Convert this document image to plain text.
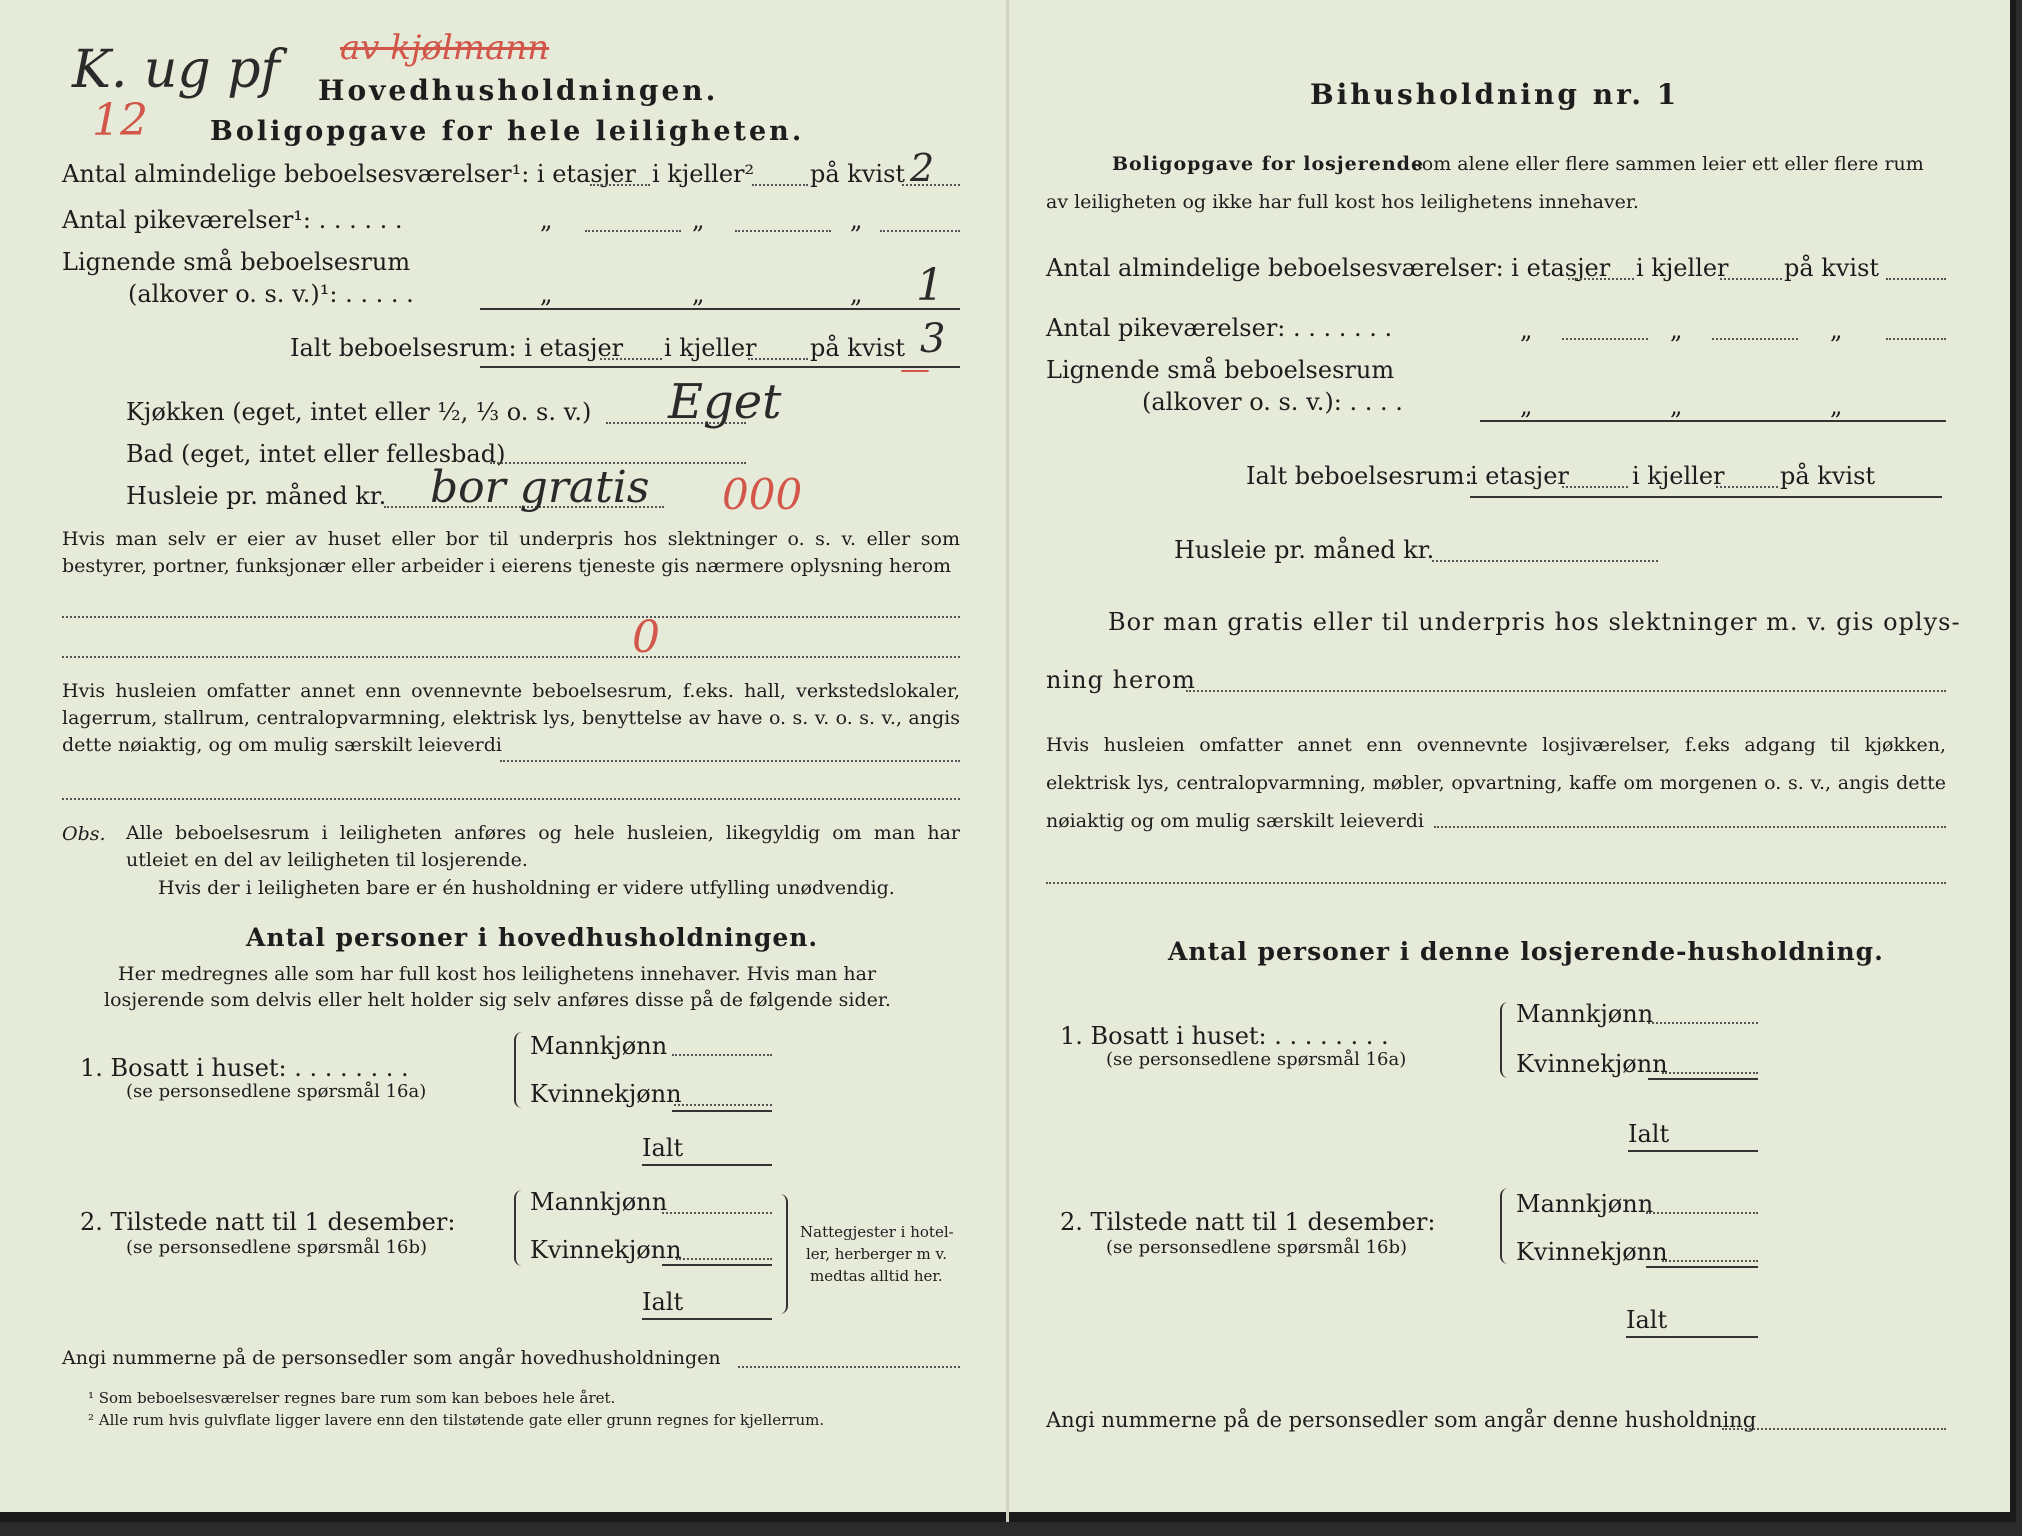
K. ug pf
12
av kjølmann
Hovedhusholdningen.
Boligopgave for hele leiligheten.
Antal almindelige beboelsesværelser¹: i etasjer i kjeller² på kvist 2
Antal pikeværelser¹: . . . . . .	„	„	„
Lignende små beboelsesrum
(alkover o. s. v.)¹: . . . . .	„	„	„ 1
Ialt beboelsesrum: i etasjer i kjeller på kvist 3
—
Kjøkken (eget, intet eller ½, ⅓ o. s. v.) Eget
Bad (eget, intet eller fellesbad)
Husleie pr. måned kr. bor gratis 000
Hvis man selv er eier av huset eller bor til underpris hos slektninger o. s. v. eller som bestyrer, portner, funksjonær eller arbeider i eierens tjeneste gis nærmere oplysning herom
0
Hvis husleien omfatter annet enn ovennevnte beboelsesrum, f.eks. hall, verkstedslokaler, lagerrum, stallrum, centralopvarmning, elektrisk lys, benyttelse av have o. s. v. o. s. v., angis dette nøiaktig, og om mulig særskilt leieverdi
Obs. Alle beboelsesrum i leiligheten anføres og hele husleien, likegyldig om man har utleiet en del av leiligheten til losjerende.
Hvis der i leiligheten bare er én husholdning er videre utfylling unødvendig.
Antal personer i hovedhusholdningen.
Her medregnes alle som har full kost hos leilighetens innehaver. Hvis man har
losjerende som delvis eller helt holder sig selv anføres disse på de følgende sider.
1. Bosatt i huset: . . . . . . . .
(se personsedlene spørsmål 16a)
Mannkjønn
Kvinnekjønn
Ialt
2. Tilstede natt til 1 desember:
(se personsedlene spørsmål 16b)
Mannkjønn
Kvinnekjønn
Ialt
Nattegjester i hotel-
ler, herberger m v.
medtas alltid her.
Angi nummerne på de personsedler som angår hovedhusholdningen
¹ Som beboelsesværelser regnes bare rum som kan beboes hele året.
² Alle rum hvis gulvflate ligger lavere enn den tilstøtende gate eller grunn regnes for kjellerrum.
Bihusholdning nr. 1
Boligopgave for losjerende
som alene eller flere sammen leier ett eller flere rum
av leiligheten og ikke har full kost hos leilighetens innehaver.
Antal almindelige beboelsesværelser: i etasjer i kjeller på kvist
Antal pikeværelser: . . . . . . .	„	„	„
Lignende små beboelsesrum
(alkover o. s. v.): . . . .	„	„	„
Ialt beboelsesrum:
i etasjer	i kjeller på kvist
Husleie pr. måned kr.
Bor man gratis eller til underpris hos slektninger m. v. gis oplys-
ning herom
Hvis husleien omfatter annet enn ovennevnte losjiværelser, f.eks adgang til kjøkken, elektrisk lys, centralopvarmning, møbler, opvartning, kaffe om morgenen o. s. v., angis dette nøiaktig og om mulig særskilt leieverdi
Antal personer i denne losjerende-husholdning.
1. Bosatt i huset: . . . . . . . .
(se personsedlene spørsmål 16a)
Mannkjønn
Kvinnekjønn
Ialt
2. Tilstede natt til 1 desember:
(se personsedlene spørsmål 16b)
Mannkjønn
Kvinnekjønn
Ialt
Angi nummerne på de personsedler som angår denne husholdning
